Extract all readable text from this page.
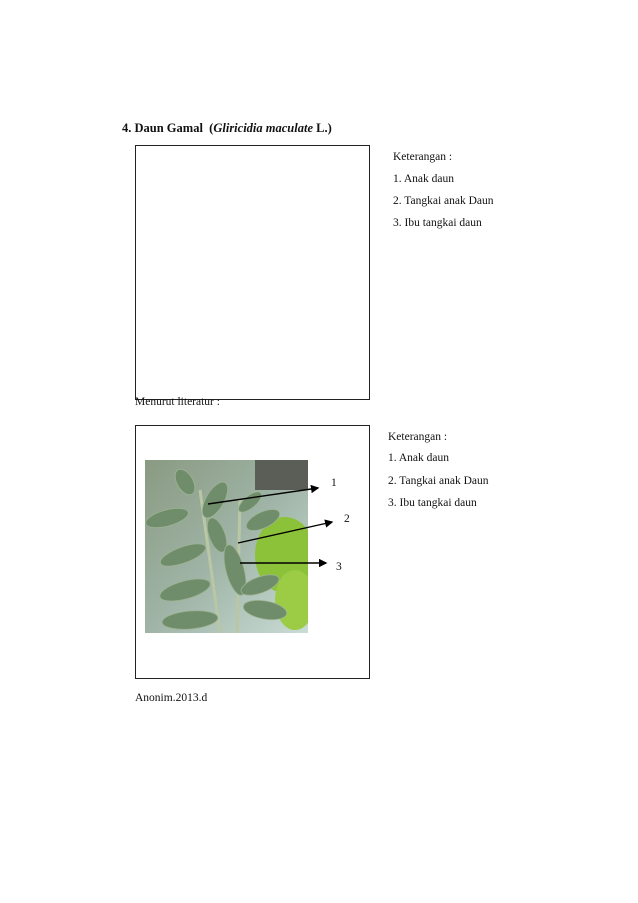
4. Daun Gamal (Gliricidia maculate L.)
Keterangan :
1. Anak daun
2. Tangkai anak Daun
3. Ibu tangkai daun
Menurut literatur :
1
2
3
Keterangan :
1. Anak daun
2. Tangkai anak Daun
3. Ibu tangkai daun
Anonim.2013.d
